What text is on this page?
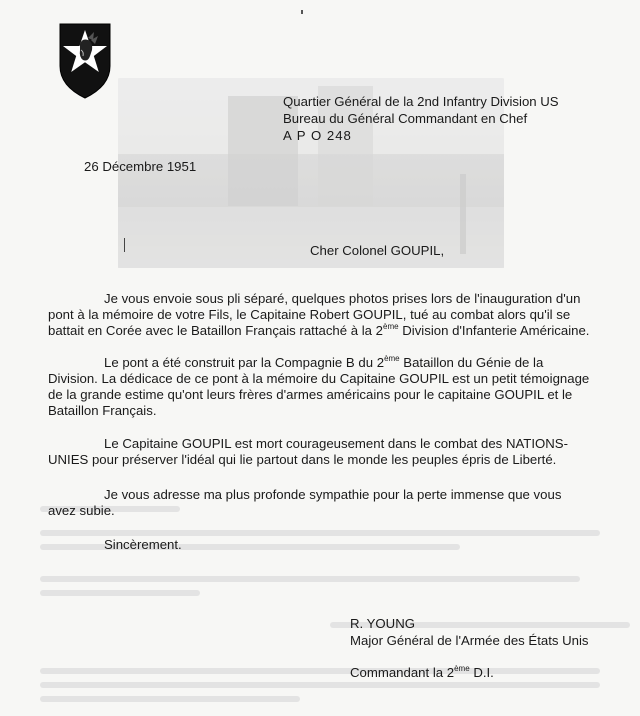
Quartier Général de la 2nd Infantry Division US

Bureau du Général Commandant en Chef

A P O 248

26 Décembre 1951

Cher Colonel GOUPIL,

Je vous envoie sous pli séparé, quelques photos prises lors de l'inauguration d'un

pont à la mémoire de votre Fils, le Capitaine Robert GOUPIL, tué au combat alors qu'il se

battait en Corée avec le Bataillon Français rattaché à la 2ème Division d'Infanterie Américaine.

Le pont a été construit par la Compagnie B du 2ème Bataillon du Génie de la

Division. La dédicace de ce pont à la mémoire du Capitaine GOUPIL est un petit témoignage

de la grande estime qu'ont leurs frères d'armes américains pour le capitaine GOUPIL et le

Bataillon Français.

Le Capitaine GOUPIL est mort courageusement dans le combat des NATIONS-

UNIES pour préserver l'idéal qui lie partout dans le monde les peuples épris de Liberté.

Je vous adresse ma plus profonde sympathie pour la perte immense que vous

avez subie.

Sincèrement.

R. YOUNG

Major Général de l'Armée des États Unis

Commandant la 2ème D.I.
